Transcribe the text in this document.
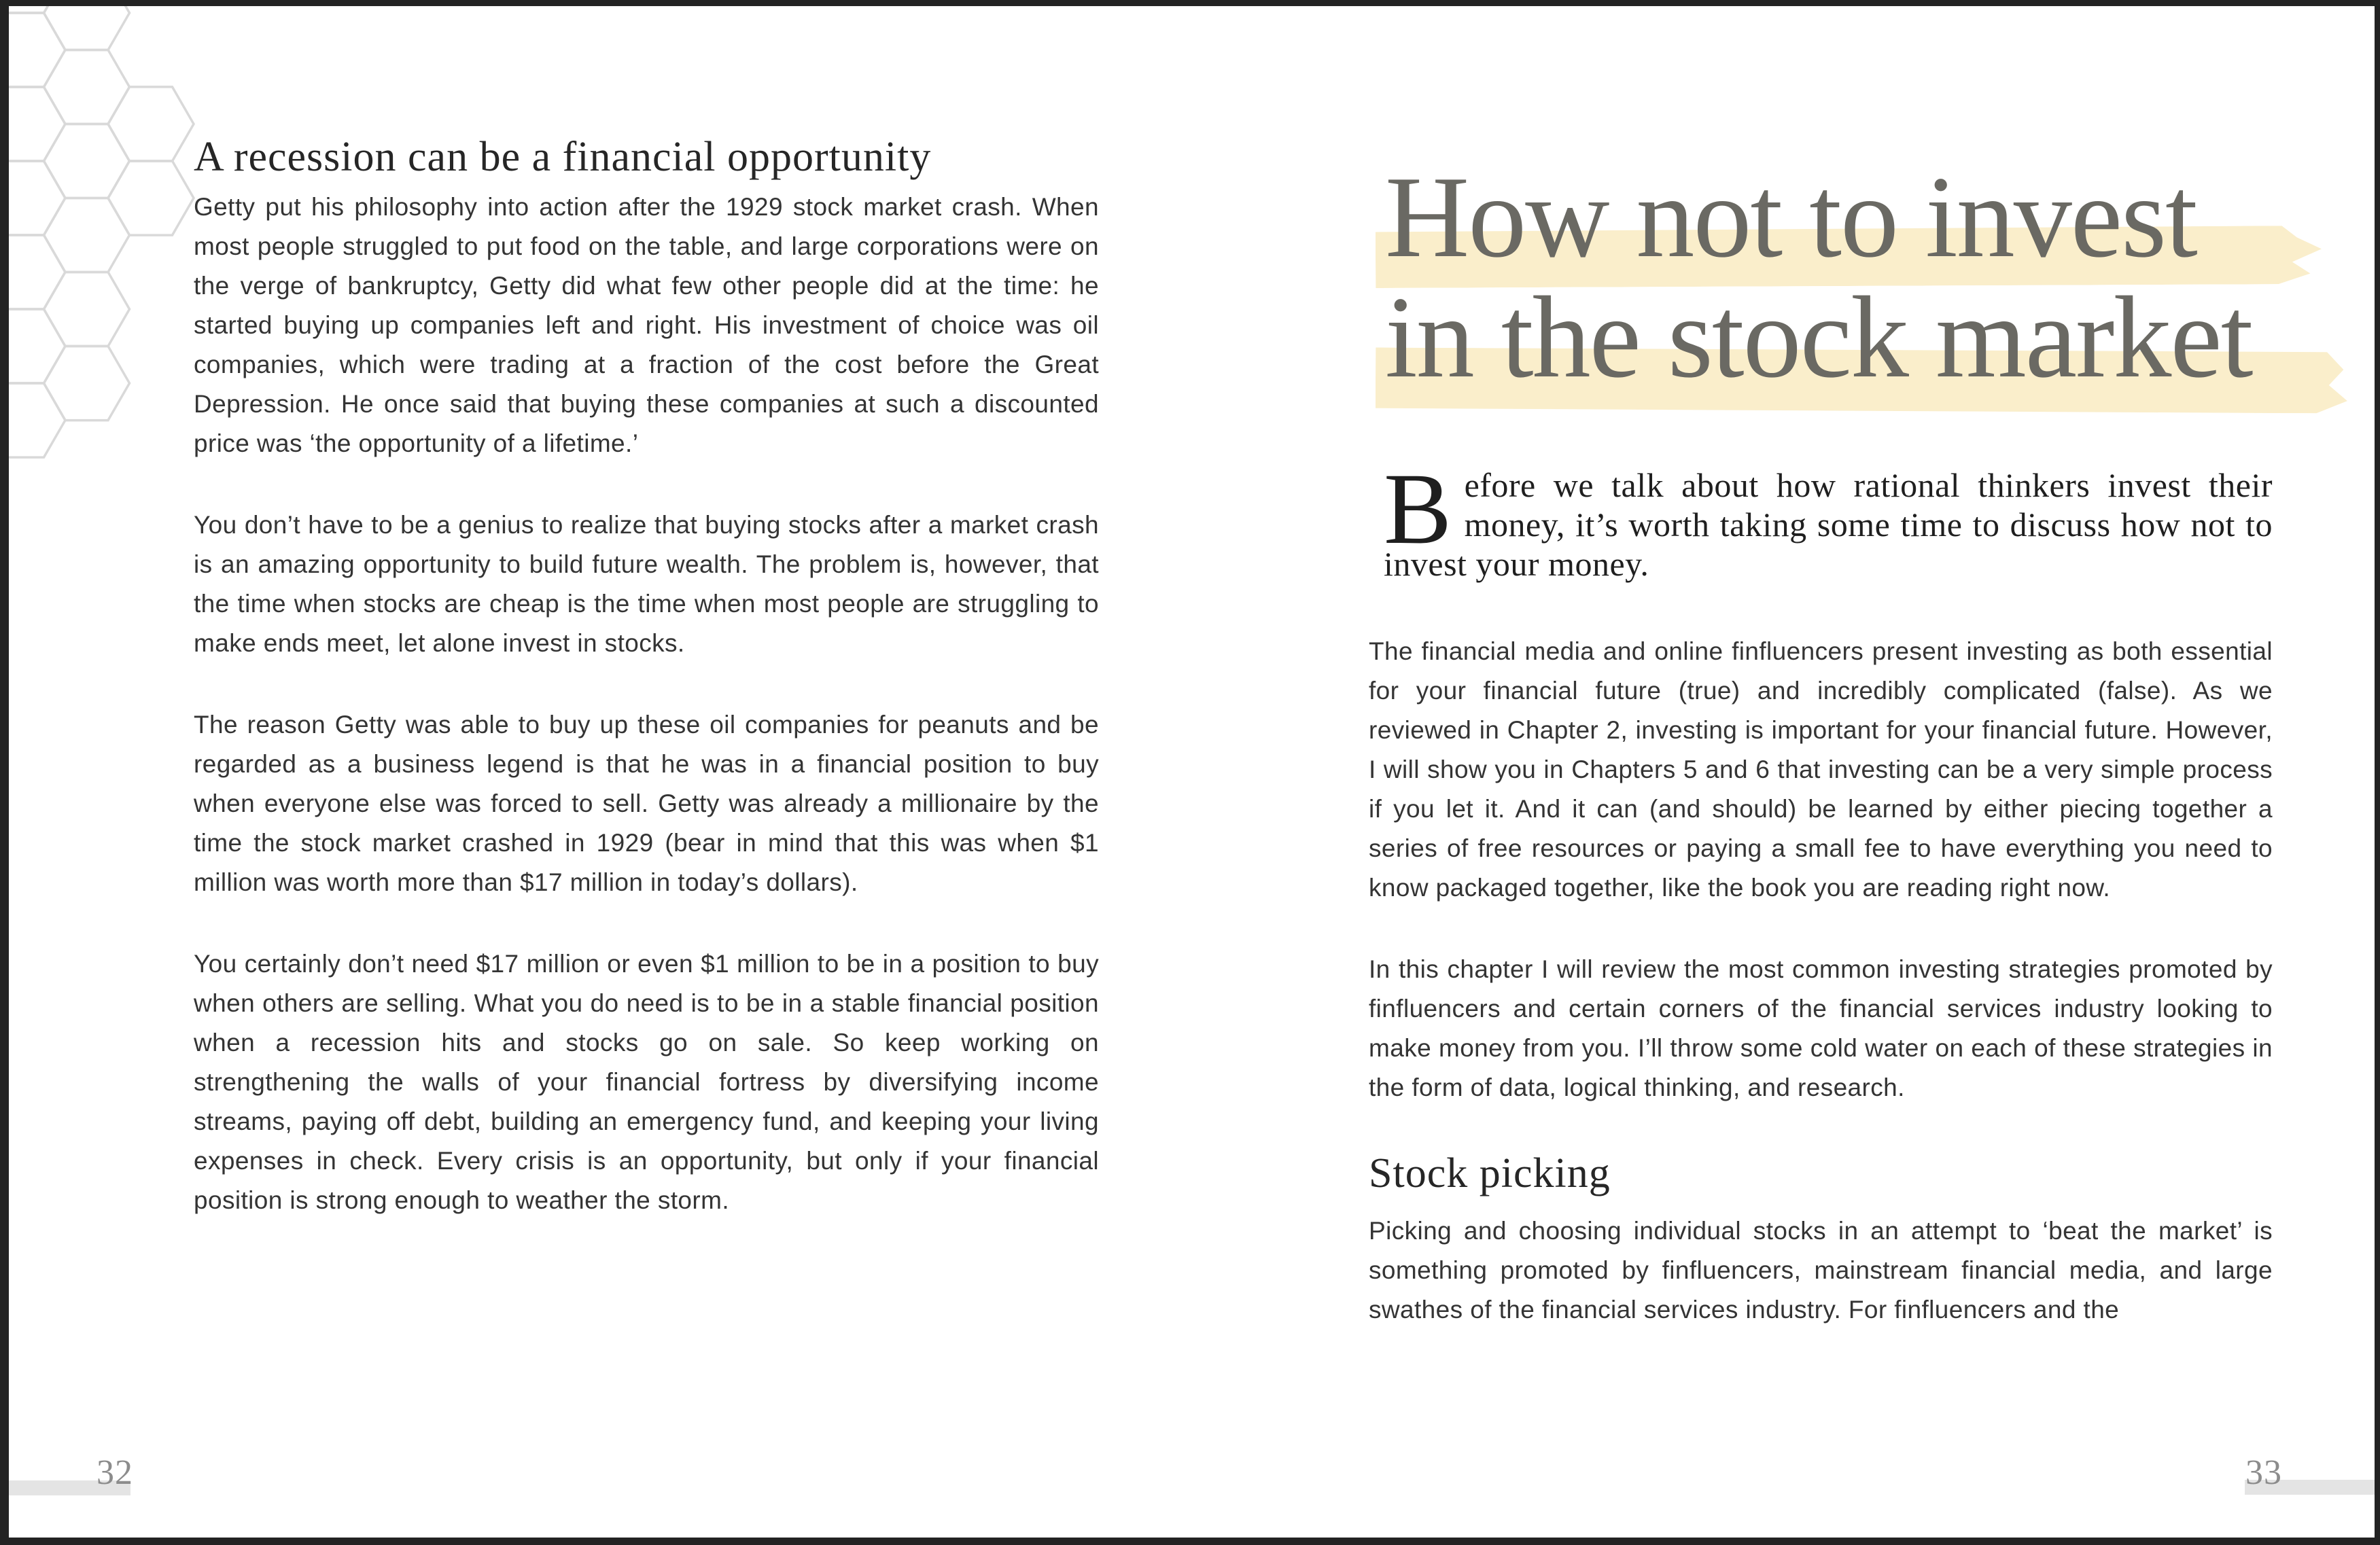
A recession can be a financial opportunity

Getty put his philosophy into action after the 1929 stock market crash. When most people struggled to put food on the table, and large corporations were on the verge of bankruptcy, Getty did what few other people did at the time: he started buying up companies left and right. His investment of choice was oil companies, which were trading at a fraction of the cost before the Great Depression. He once said that buying these companies at such a discounted price was ‘the opportunity of a lifetime.’

You don’t have to be a genius to realize that buying stocks after a market crash is an amazing opportunity to build future wealth. The problem is, however, that the time when stocks are cheap is the time when most people are struggling to make ends meet, let alone invest in stocks.

The reason Getty was able to buy up these oil companies for peanuts and be regarded as a business legend is that he was in a financial position to buy when everyone else was forced to sell. Getty was already a millionaire by the time the stock market crashed in 1929 (bear in mind that this was when $1 million was worth more than $17 million in today’s dollars).

You certainly don’t need $17 million or even $1 million to be in a position to buy when others are selling. What you do need is to be in a stable financial position when a recession hits and stocks go on sale. So keep working on strengthening the walls of your financial fortress by diversifying income streams, paying off debt, building an emergency fund, and keeping your living expenses in check. Every crisis is an opportunity, but only if your financial position is strong enough to weather the storm.

32
How not to invest
in the stock market
Before we talk about how rational thinkers invest their money, it’s worth taking some time to discuss how not to invest your money.

The financial media and online finfluencers present investing as both essential for your financial future (true) and incredibly complicated (false). As we reviewed in Chapter 2, investing is important for your financial future. However, I will show you in Chapters 5 and 6 that investing can be a very simple process if you let it. And it can (and should) be learned by either piecing together a series of free resources or paying a small fee to have everything you need to know packaged together, like the book you are reading right now.

In this chapter I will review the most common investing strategies promoted by finfluencers and certain corners of the financial services industry looking to make money from you. I’ll throw some cold water on each of these strategies in the form of data, logical thinking, and research.

Stock picking

Picking and choosing individual stocks in an attempt to ‘beat the market’ is something promoted by finfluencers, mainstream financial media, and large swathes of the financial services industry. For finfluencers and the

33
